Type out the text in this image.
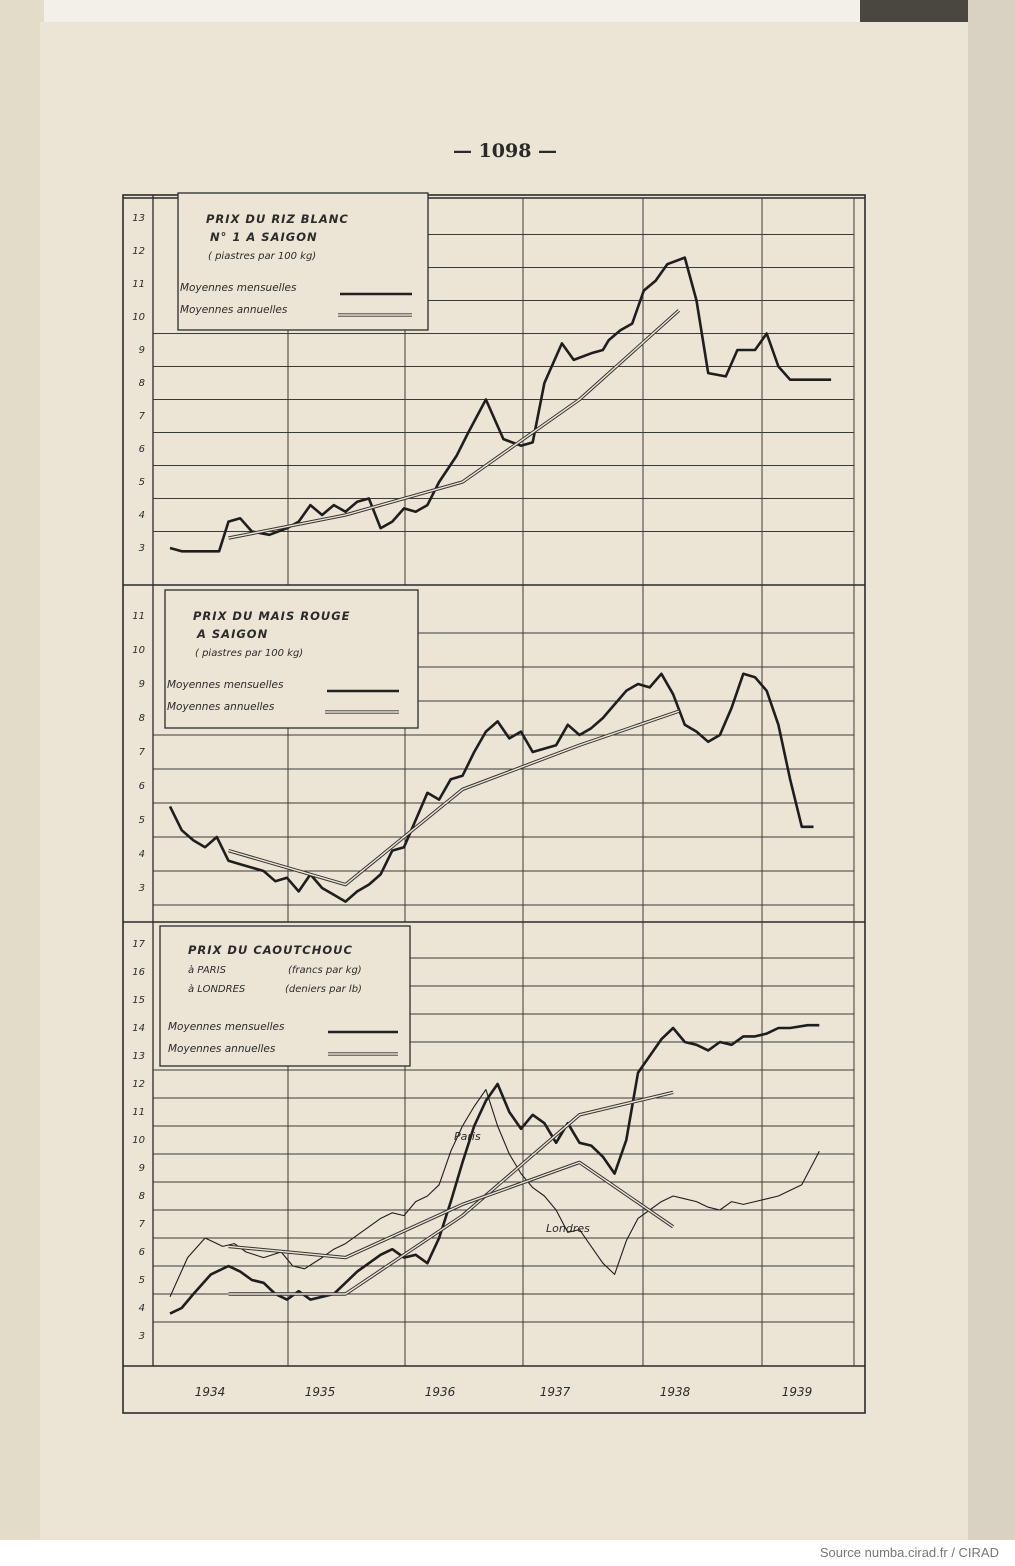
— 1098 —
1934	1935	1936	1937	1938	1939
3
4
5
6
7
8
9
10
11
12
13	PRIX DU RIZ BLANC
N° 1 A SAIGON
( piastres par 100 kg)
Moyennes mensuelles
Moyennes annuelles
3
4
5
6
7
8
9
10
11	PRIX DU MAIS ROUGE
A SAIGON
( piastres par 100 kg)
Moyennes mensuelles
Moyennes annuelles
3
4
5
6
7
8
9
10
11
12
13
14
15
16
17	PRIX DU CAOUTCHOUC
à PARIS	(francs par kg)
à LONDRES	(deniers par lb)
Moyennes mensuelles
Moyennes annuelles
Paris
Londres
Source numba.cirad.fr / CIRAD
